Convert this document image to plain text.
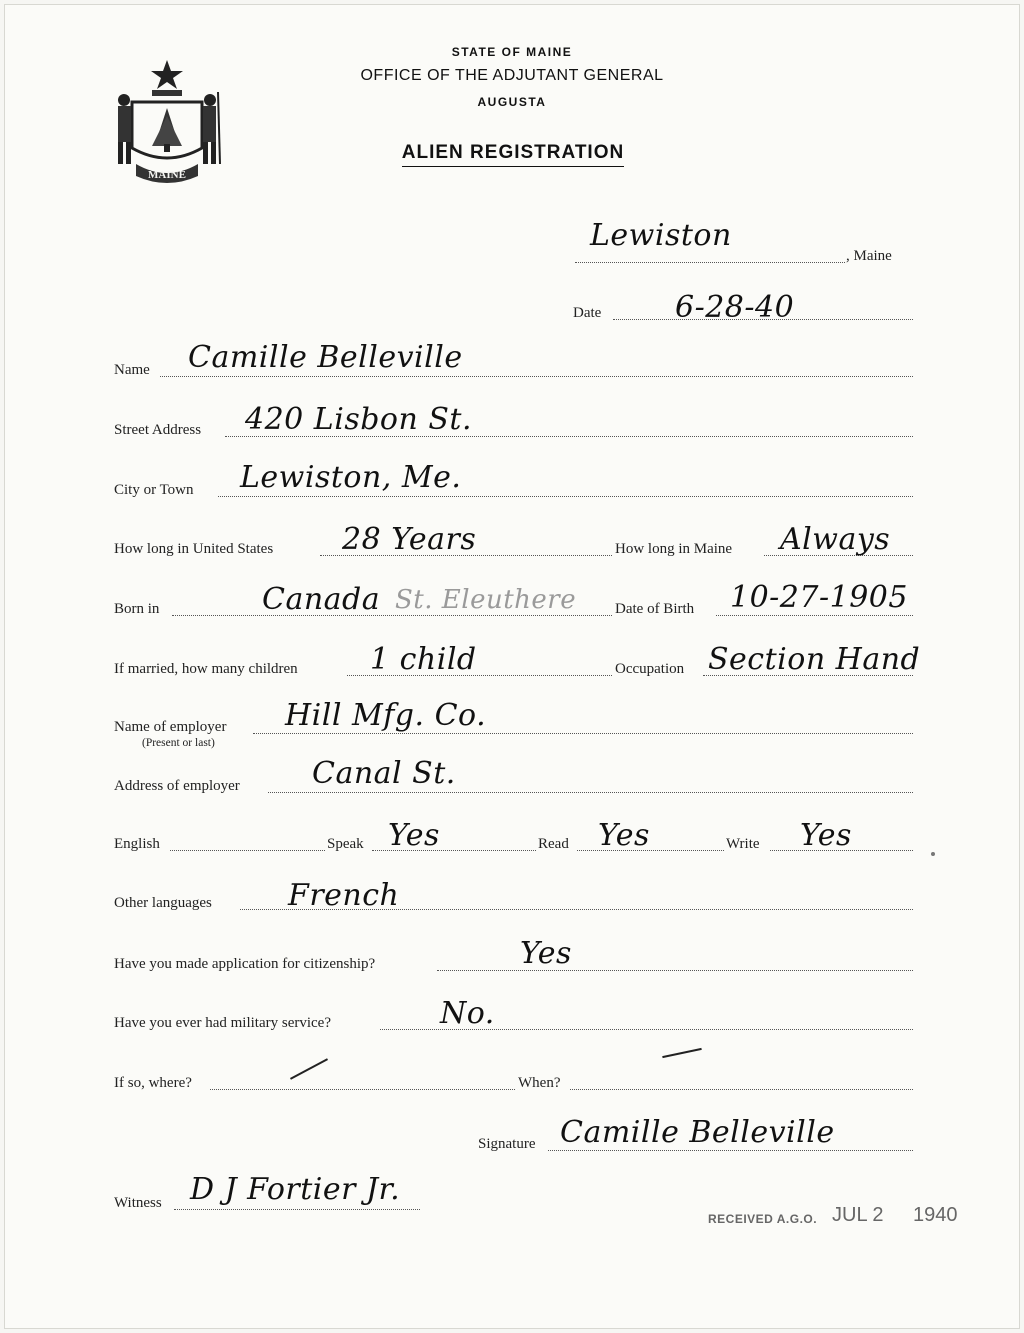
MAINE
STATE OF MAINE
OFFICE OF THE ADJUTANT GENERAL
AUGUSTA
ALIEN REGISTRATION
Lewiston
, Maine
Date 6-28-40
Name Camille Belleville
Street Address 420 Lisbon St.
City or Town Lewiston, Me.
How long in United States 28 Years	How long in Maine Always
Born in	Canada St. Eleuthere	Date of Birth 10-27-1905
If married, how many children 1 child	Occupation Section Hand
Name of employer
(Present or last)
Hill Mfg. Co.
Address of employer Canal St.
English	Speak Yes	Read Yes	Write Yes
Other languages	French
Have you made application for citizenship?	Yes
Have you ever had military service?	No.
If so, where?	When?
Signature Camille Belleville
Witness D J Fortier Jr.
RECEIVED A.G.O. JUL 2 1940
